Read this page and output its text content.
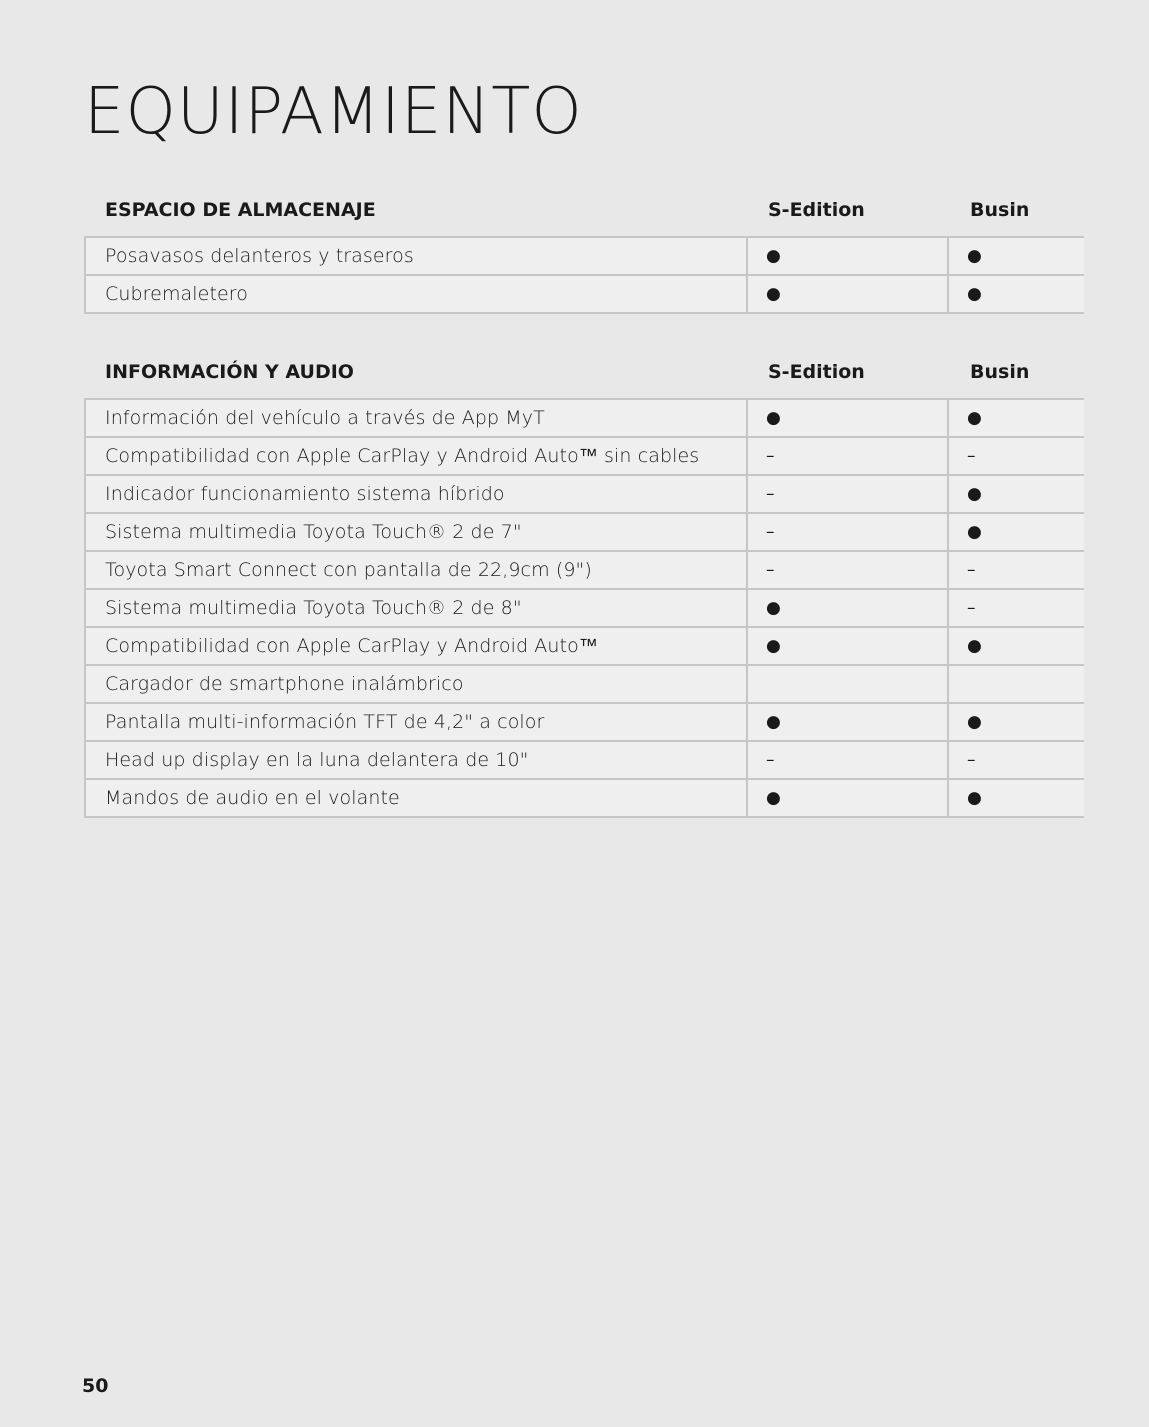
EQUIPAMIENTO
ESPACIO DE ALMACENAJE	S-Edition	Busin
Posavasos delanteros y traseros	●	●
Cubremaletero	●	●
INFORMACIÓN Y AUDIO	S-Edition	Busin
Información del vehículo a través de App MyT	●	●
Compatibilidad con Apple CarPlay y Android Auto™ sin cables	–	–
Indicador funcionamiento sistema híbrido	–	●
Sistema multimedia Toyota Touch® 2 de 7"	–	●
Toyota Smart Connect con pantalla de 22,9cm (9")	–	–
Sistema multimedia Toyota Touch® 2 de 8"	●	–
Compatibilidad con Apple CarPlay y Android Auto™	●	●
Cargador de smartphone inalámbrico
Pantalla multi-información TFT de 4,2" a color	●	●
Head up display en la luna delantera de 10"	–	–
Mandos de audio en el volante	●	●
50
